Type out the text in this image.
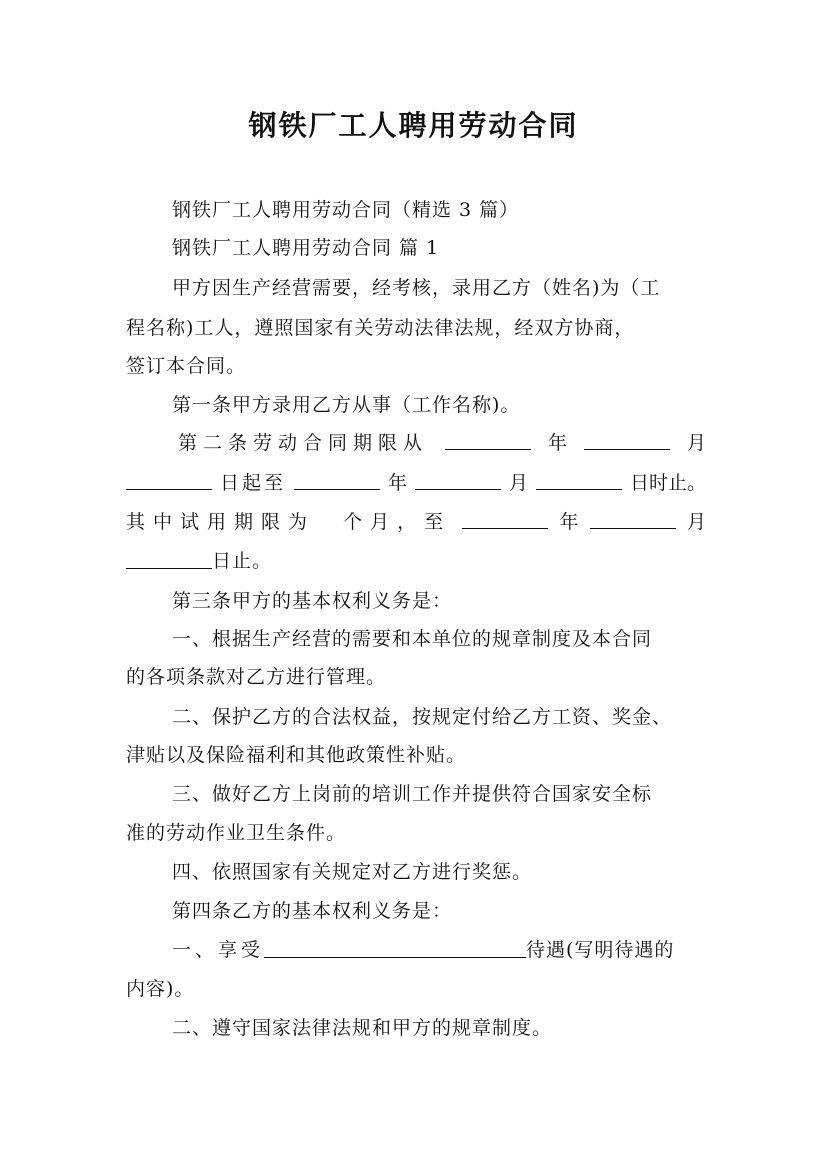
钢铁厂工人聘用劳动合同
钢铁厂工人聘用劳动合同（精选 3 篇）
钢铁厂工人聘用劳动合同 篇 1
甲方因生产经营需要，经考核，录用乙方（姓名)为（工
程名称)工人，遵照国家有关劳动法律法规，经双方协商，
签订本合同。
第一条甲方录用乙方从事（工作名称)。
第二条劳动合同期限从	年	月
日起至	年	月	日时止。
其中试用期限为  个月，至	年	月
日止。
第三条甲方的基本权利义务是：
一、根据生产经营的需要和本单位的规章制度及本合同
的各项条款对乙方进行管理。
二、保护乙方的合法权益，按规定付给乙方工资、奖金、
津贴以及保险福利和其他政策性补贴。
三、做好乙方上岗前的培训工作并提供符合国家安全标
准的劳动作业卫生条件。
四、依照国家有关规定对乙方进行奖惩。
第四条乙方的基本权利义务是：
一、享受	待遇(写明待遇的
内容)。
二、遵守国家法律法规和甲方的规章制度。
